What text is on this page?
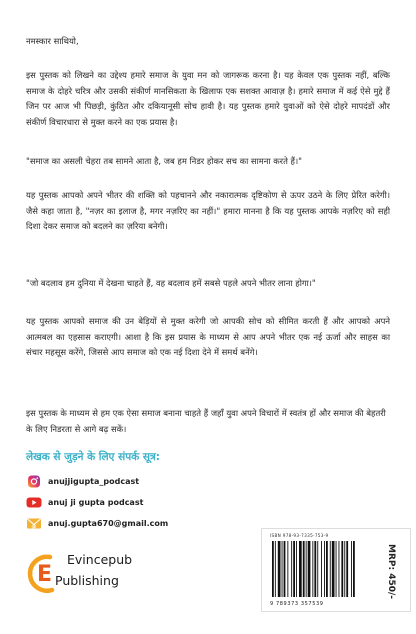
नमस्कार साथियो,
इस पुस्तक को लिखने का उद्देश्य हमारे समाज के युवा मन को जागरूक करना है। यह केवल एक पुस्तक नहीं, बल्कि समाज के दोहरे चरित्र और उसकी संकीर्ण मानसिकता के खिलाफ एक सशक्त आवाज़ है। हमारे समाज में कई ऐसे मुद्दे हैं जिन पर आज भी पिछड़ी, कुंठित और दकियानूसी सोच हावी है। यह पुस्तक हमारे युवाओं को ऐसे दोहरे मापदंडों और संकीर्ण विचारधारा से मुक्त करने का एक प्रयास है।
"समाज का असली चेहरा तब सामने आता है, जब हम निडर होकर सच का सामना करते हैं।"
यह पुस्तक आपको अपने भीतर की शक्ति को पहचानने और नकारात्मक दृष्टिकोण से ऊपर उठने के लिए प्रेरित करेगी। जैसे कहा जाता है, "नज़र का इलाज है, मगर नज़रिए का नहीं।" हमारा मानना है कि यह पुस्तक आपके नज़रिए को सही दिशा देकर समाज को बदलने का ज़रिया बनेगी।
"जो बदलाव हम दुनिया में देखना चाहते हैं, वह बदलाव हमें सबसे पहले अपने भीतर लाना होगा।"
यह पुस्तक आपको समाज की उन बेड़ियों से मुक्त करेगी जो आपकी सोच को सीमित करती हैं और आपको अपने आत्मबल का एहसास कराएगी। आशा है कि इस प्रयास के माध्यम से आप अपने भीतर एक नई ऊर्जा और साहस का संचार महसूस करेंगे, जिससे आप समाज को एक नई दिशा देने में समर्थ बनेंगे।
इस पुस्तक के माध्यम से हम एक ऐसा समाज बनाना चाहते हैं जहाँ युवा अपने विचारों में स्वतंत्र हों और समाज की बेहतरी के लिए निडरता से आगे बढ़ सकें।
लेखक से जुड़ने के लिए संपर्क सूत्र:
anujjigupta_podcast
anuj ji gupta podcast
@ anuj.gupta670@gmail.com
E
Evincepub
Publishing
ISBN 978-93-7335-753-9
9 789373 357539
MRP: 450/-
